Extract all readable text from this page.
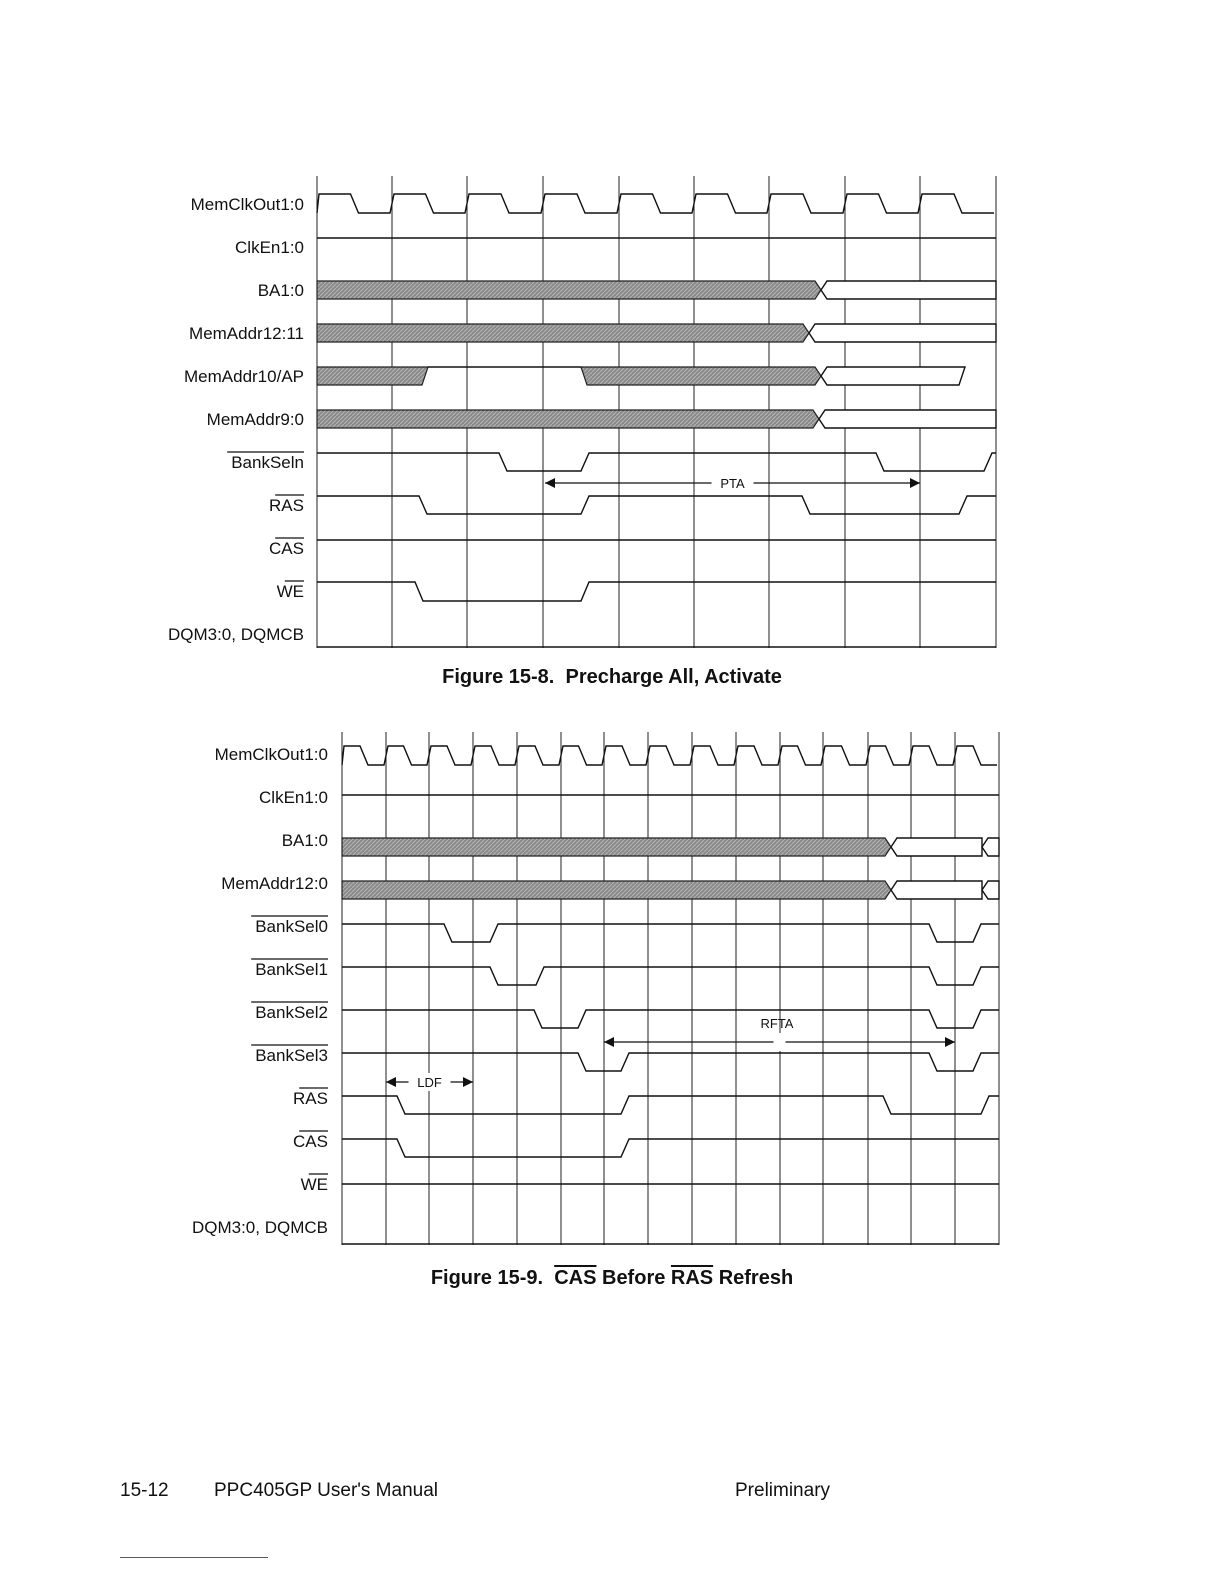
MemClkOut1:0
ClkEn1:0
BA1:0
MemAddr12:11
MemAddr10/AP
MemAddr9:0
BankSeln
RAS
CAS
WE
DQM3:0, DQMCB
PTA
Figure 15-8. Precharge All, Activate
MemClkOut1:0
ClkEn1:0
BA1:0
MemAddr12:0
BankSel0
BankSel1
BankSel2
BankSel3
RAS
CAS
WE
DQM3:0, DQMCB
LDF
RFTA
Figure 15-9. $\overline{CAS}$ Before $\overline{RAS}$ Refresh
15-12 PPC405GP User's Manual	Preliminary
